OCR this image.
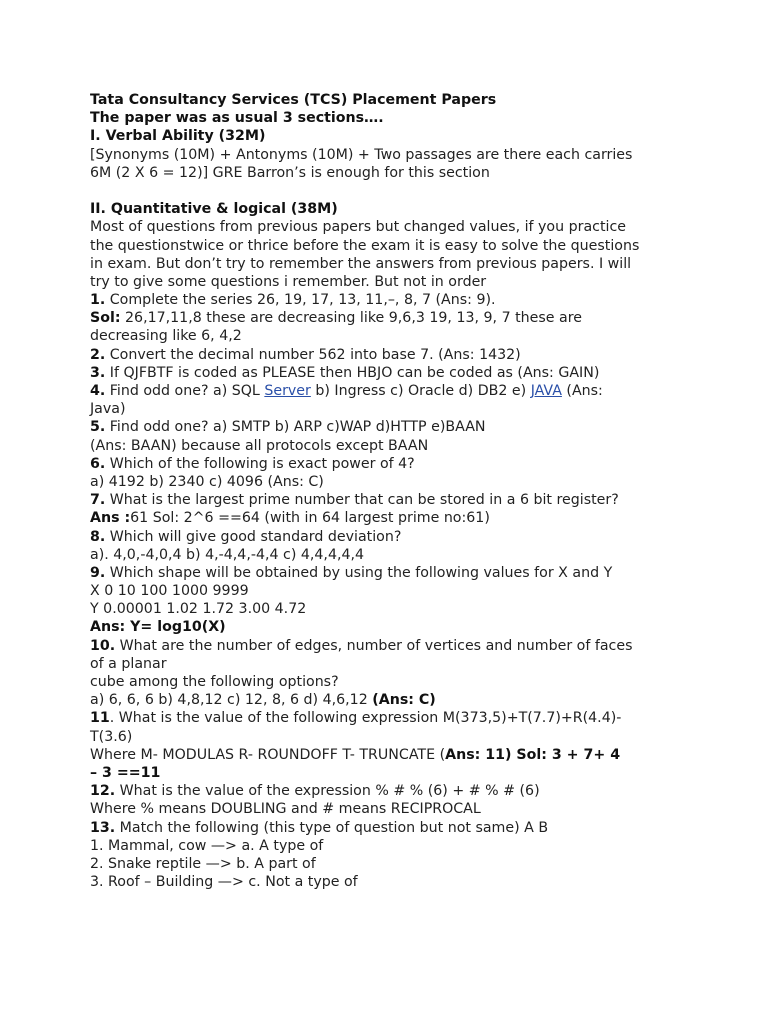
Tata Consultancy Services (TCS) Placement Papers
The paper was as usual 3 sections….
I. Verbal Ability (32M)
[Synonyms (10M) + Antonyms (10M) + Two passages are there each carries
6M (2 X 6 = 12)] GRE Barron’s is enough for this section
II. Quantitative & logical (38M)
Most of questions from previous papers but changed values, if you practice
the questionstwice or thrice before the exam it is easy to solve the questions
in exam. But don’t try to remember the answers from previous papers. I will
try to give some questions i remember. But not in order
1. Complete the series 26, 19, 17, 13, 11,–, 8, 7 (Ans: 9).
Sol: 26,17,11,8 these are decreasing like 9,6,3 19, 13, 9, 7 these are
decreasing like 6, 4,2
2. Convert the decimal number 562 into base 7. (Ans: 1432)
3. If QJFBTF is coded as PLEASE then HBJO can be coded as (Ans: GAIN)
4. Find odd one? a) SQL Server b) Ingress c) Oracle d) DB2 e) JAVA (Ans:
Java)
5. Find odd one? a) SMTP b) ARP c)WAP d)HTTP e)BAAN
(Ans: BAAN) because all protocols except BAAN
6. Which of the following is exact power of 4?
a) 4192 b) 2340 c) 4096 (Ans: C)
7. What is the largest prime number that can be stored in a 6 bit register?
Ans :61 Sol: 2^6 ==64 (with in 64 largest prime no:61)
8. Which will give good standard deviation?
a). 4,0,-4,0,4 b) 4,-4,4,-4,4 c) 4,4,4,4,4
9. Which shape will be obtained by using the following values for X and Y
X 0 10 100 1000 9999
Y 0.00001 1.02 1.72 3.00 4.72
Ans: Y= log10(X)
10. What are the number of edges, number of vertices and number of faces
of a planar
cube among the following options?
a) 6, 6, 6 b) 4,8,12 c) 12, 8, 6 d) 4,6,12 (Ans: C)
11. What is the value of the following expression M(373,5)+T(7.7)+R(4.4)-
T(3.6)
Where M- MODULAS R- ROUNDOFF T- TRUNCATE (Ans: 11) Sol: 3 + 7+ 4
– 3 ==11
12. What is the value of the expression % # % (6) + # % # (6)
Where % means DOUBLING and # means RECIPROCAL
13. Match the following (this type of question but not same) A B
1. Mammal, cow —> a. A type of
2. Snake reptile —> b. A part of
3. Roof – Building —> c. Not a type of
